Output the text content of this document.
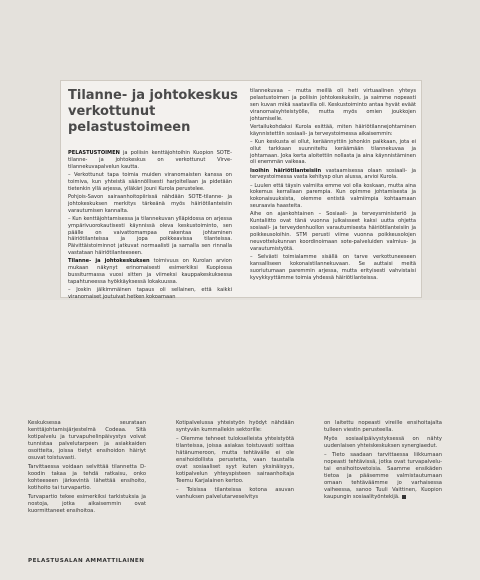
Tilanne- ja johtokeskus verkottunut pelastustoimeen

PELASTUSTOIMEN ja poliisin kenttäjohtoihin Kuopion SOTE-tilanne- ja johtokeskus on verkottunut Virve-tilannekuvapalvelun kautta.

– Verkottunut tapa toimia muiden viranomaisten kanssa on toimiva, kun yhteistä säännöllisesti harjoitellaan ja pidetään tietenkin yllä arjessa, ylläkäri Jouni Kurola perustelee.

Pohjois-Savon sairaanhoitopiirissä nähdään SOTE-tilanne- ja johtokeskuksen merkitys tärkeänä myös häiriötilanteisiin varautumisen kannalta.

– Kun kenttäjohtamisessa ja tilannekuvan ylläpidossa on arjessa ympärivuorokautisesti käynnissä oleva keskustoiminto, sen päälle on vaivattomampaa rakentaa johtaminen häiriötilanteissa ja jopa poikkeavissa tilanteissa. Päivittäistoiminnot jatkuvat normaalisti ja samalla sen rinnalla vastataan häiriötilanteeseen.

Tilanne- ja johtokeskuksen toimivuus on Kurolan arvion mukaan näkynyt erinomaisesti esimerkiksi Kuopiossa bussiturmassa vuosi sitten ja viimeksi kauppakeskuksessa tapahtuneessa hyökkäyksessä lokakuussa.

– Joskin jälkimmäinen tapaus oli sellainen, että kaikki viranomaiset joutuivat hetken kokoamaan

tilannekuvaa – mutta meillä oli heti virtuaalinen yhteys pelastustoimen ja poliisin johtokeskuksiin, ja saimme nopeasti sen kuvan mikä saatavilla oli. Keskustoiminto antaa hyvät eväät viranomaisyhteistyölle, mutta myös omien joukkojen johtamiselle.

Vertailukohdaksi Kurola esittää, miten häiriötilannejohtaminen käynnistettiin sosiaali- ja terveystoimessa aikaisemmin:

– Kun keskusta ei ollut, keräännyttiin johonkin paikkaan, jota ei ollut tarkkaan suunniteltu keräämään tilannekuvaa ja johtamaan. Joka kerta aloitettiin nollasta ja aina käynnistäminen oli enemmän vaikeaa.

Isoihin häiriötilanteisiin vastaamisessa olaan sosiaali- ja terveystoimessa vasta kehitysp olun alussa, arvioi Kurola.

– Luulen että täysin valmiita emme voi olla koskaan, mutta aina kokemus kerrallaan parempia. Kun opimme johtamisesta ja kokonaisuuksista, olemme entistä valmiimpia kohtaamaan seuraavia haasteita.

Aihe on ajankohtainen – Sosiaali- ja terveysministeriö ja Kuntaliitto ovat tänä vuonna julkaisseet kaksi uutta ohjetta sosiaali- ja terveydenhuollon varautumisesta häiriötilanteisiin ja poikkeusoloihin. STM perusti viime vuonna poikkeusolojen neuvottelukunnan koordinoimaan sote-palveluiden valmius- ja varautumistyötä.

– Selvästi toimialamme sisällä on tarve verkottuneeseen kansalliseen kokonaistilannekuvaan. Se auttaisi meitä suoriutumaan paremmin arjessa, mutta erityisesti vahvistaisi kyvykkyyttämme toimia yhdessä häiriötilanteissa.

Keskuksessa seurataan kenttäjohtamisjärjestelmä Codeaa. Sitä kotipalvelu ja turvapuhelinpäivystys voivat tunnistaa palvelutarpeen ja asiakkaiden osoitteita, joissa tietyt ensihoidon häiriyt osuvat toistuvasti.

Tarvittaessa voidaan selvittää tilannetta D-koodin takaa ja tehdä ratkaisu, onko kohteeseen järkevintä lähettää ensihoito, kotihoito tai turvapartio.

Turvapartio tekee esimerkiksi tarkistuksia ja nostoja, jotka aikaisemmin ovat kuormittaneet ensihoitoa.

Kotipalvelussa yhteistyön hyödyt nähdään syntyvän kummallekin sektorille:

– Olemme tehneet tulokselleista yhteistyötä tilanteissa, joissa asiakas toistuvasti soittaa hätänumeroon, mutta tehtävälle ei ole ensihoidollista perustetta, vaan taustalla ovat sosiaaliset syyt kuten yksinäisyys, kotipalvelun yhteyspisteen sairaanhoitaja Teemu Karjalainen kertoo.

– Toisissa tilanteissa kotona asuvan vanhuksen palvelutarveselvitys

on laitettu nopeasti vireille ensihoitajalta tulleen viestin perusteella.

Myös sosiaalipäivystyksessä on nähty uudenlaisen yhteiskeskuksen synergiaedut.

– Tieto saadaan tarvittaessa liikkumaan nopeasti tehtävissä, jotka ovat turvapalvelu- tai ensihoitovetoisia. Saamme ensikäden tietoa ja pääsemme valmistautumaan omaan tehtäväämme jo varhaisessa vaiheessa, sanoo Tuuli Vaittinen, Kuopion kaupungin sosiaalityöntekijä.

PELASTUSALAN AMMATTILAINEN
